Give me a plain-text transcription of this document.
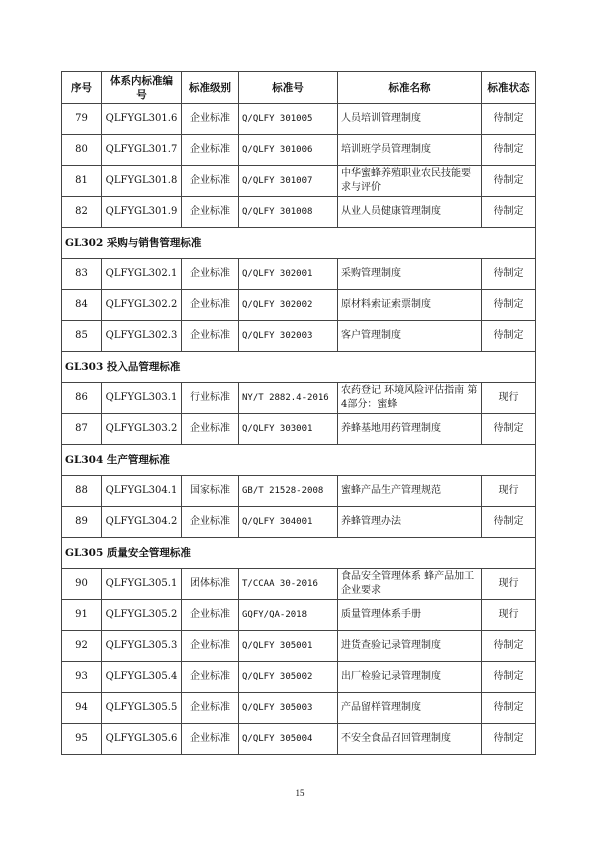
序号	体系内标准编号	标准级别	标准号	标准名称	标准状态
79	QLFYGL301.6	企业标准	Q/QLFY 301005	人员培训管理制度	待制定
80	QLFYGL301.7	企业标准	Q/QLFY 301006	培训班学员管理制度	待制定
81	QLFYGL301.8	企业标准	Q/QLFY 301007	中华蜜蜂养殖职业农民技能要求与评价	待制定
82	QLFYGL301.9	企业标准	Q/QLFY 301008	从业人员健康管理制度	待制定
GL302 采购与销售管理标准					
83	QLFYGL302.1	企业标准	Q/QLFY 302001	采购管理制度	待制定
84	QLFYGL302.2	企业标准	Q/QLFY 302002	原材料索证索票制度	待制定
85	QLFYGL302.3	企业标准	Q/QLFY 302003	客户管理制度	待制定
GL303 投入品管理标准					
86	QLFYGL303.1	行业标准	NY/T 2882.4-2016	农药登记 环境风险评估指南 第4部分：蜜蜂	现行
87	QLFYGL303.2	企业标准	Q/QLFY 303001	养蜂基地用药管理制度	待制定
GL304 生产管理标准					
88	QLFYGL304.1	国家标准	GB/T 21528-2008	蜜蜂产品生产管理规范	现行
89	QLFYGL304.2	企业标准	Q/QLFY 304001	养蜂管理办法	待制定
GL305 质量安全管理标准					
90	QLFYGL305.1	团体标准	T/CCAA 30-2016	食品安全管理体系 蜂产品加工企业要求	现行
91	QLFYGL305.2	企业标准	GQFY/QA-2018	质量管理体系手册	现行
92	QLFYGL305.3	企业标准	Q/QLFY 305001	进货查验记录管理制度	待制定
93	QLFYGL305.4	企业标准	Q/QLFY 305002	出厂检验记录管理制度	待制定
94	QLFYGL305.5	企业标准	Q/QLFY 305003	产品留样管理制度	待制定
95	QLFYGL305.6	企业标准	Q/QLFY 305004	不安全食品召回管理制度	待制定
15
